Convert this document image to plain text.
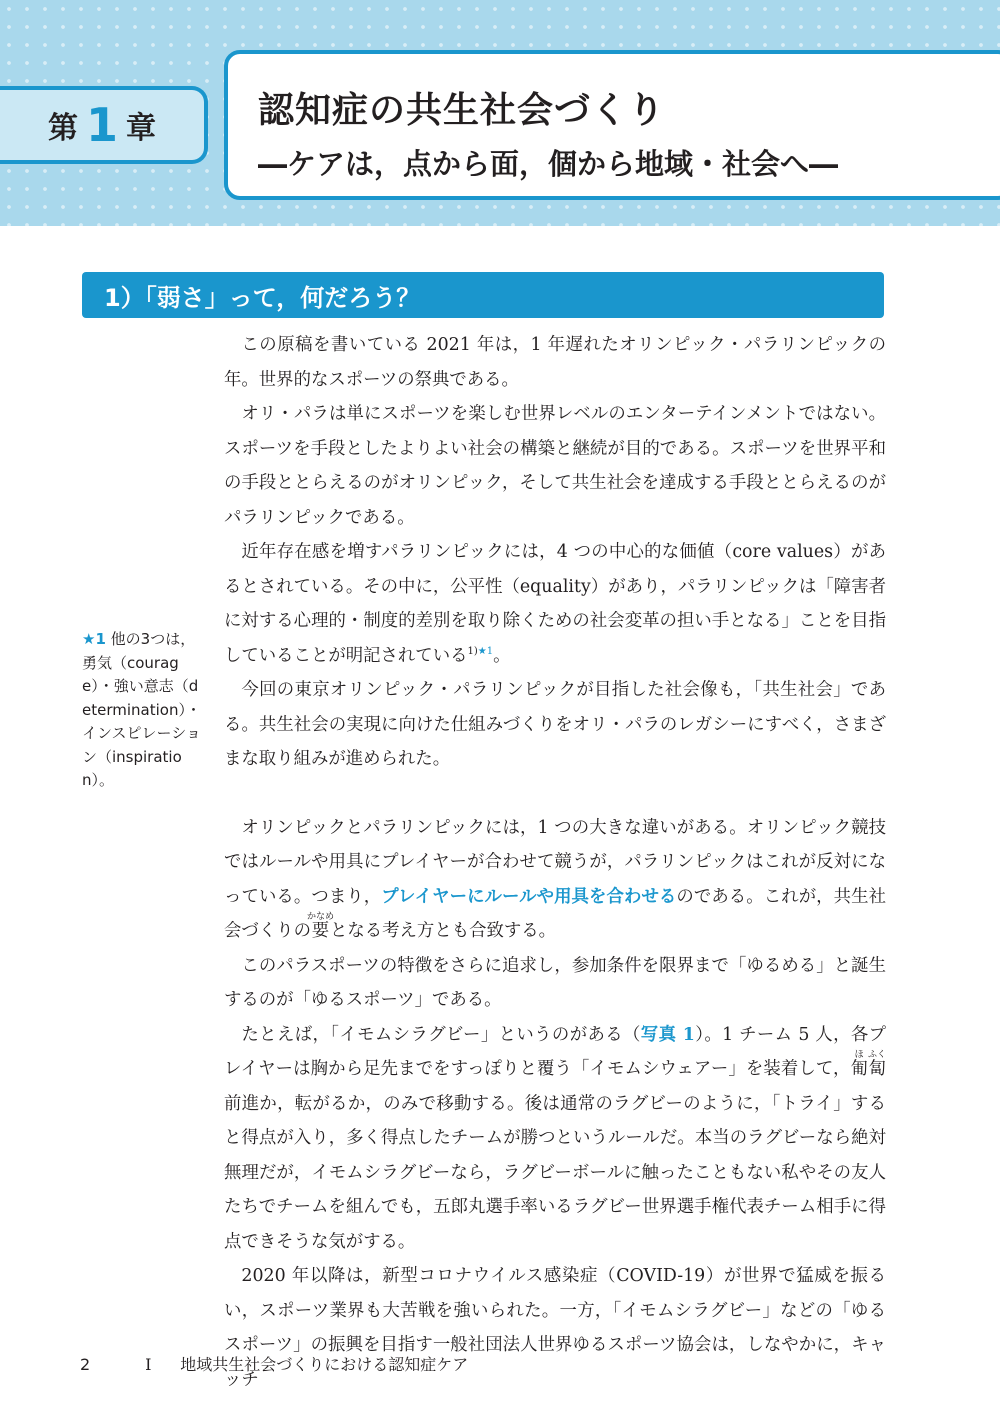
第 1 章	認知症の共生社会づくり
―ケアは，点から面，個から地域・社会へ―
1）「弱さ」って，何だろう？
★1 他の3つは，勇気（courage）・強い意志（determination）・インスピレーション（inspiration）。

この原稿を書いている 2021 年は，1 年遅れたオリンピック・パラリンピックの年。世界的なスポーツの祭典である。

オリ・パラは単にスポーツを楽しむ世界レベルのエンターテインメントではない。スポーツを手段としたよりよい社会の構築と継続が目的である。スポーツを世界平和の手段ととらえるのがオリンピック，そして共生社会を達成する手段ととらえるのがパラリンピックである。

近年存在感を増すパラリンピックには，4 つの中心的な価値（core values）があるとされている。その中に，公平性（equality）があり，パラリンピックは「障害者に対する心理的・制度的差別を取り除くための社会変革の担い手となる」ことを目指していることが明記されている$^{1)★1}$。

今回の東京オリンピック・パラリンピックが目指した社会像も，「共生社会」である。共生社会の実現に向けた仕組みづくりをオリ・パラのレガシーにすべく，さまざまな取り組みが進められた。

オリンピックとパラリンピックには，1 つの大きな違いがある。オリンピック競技ではルールや用具にプレイヤーが合わせて競うが，パラリンピックはこれが反対になっている。つまり，プレイヤーにルールや用具を合わせるのである。これが，共生社会づくりの要かなめとなる考え方とも合致する。

このパラスポーツの特徴をさらに追求し，参加条件を限界まで「ゆるめる」と誕生するのが「ゆるスポーツ」である。

たとえば，「イモムシラグビー」というのがある（写真 1）。1 チーム 5 人，各プレイヤーは胸から足先までをすっぽりと覆う「イモムシウェアー」を装着して，匍ほ匐ふく前進か，転がるか，のみで移動する。後は通常のラグビーのように，「トライ」すると得点が入り，多く得点したチームが勝つというルールだ。本当のラグビーなら絶対無理だが，イモムシラグビーなら，ラグビーボールに触ったこともない私やその友人たちでチームを組んでも，五郎丸選手率いるラグビー世界選手権代表チーム相手に得点できそうな気がする。

2020 年以降は，新型コロナウイルス感染症（COVID-19）が世界で猛威を振るい，スポーツ業界も大苦戦を強いられた。一方，「イモムシラグビー」などの「ゆるスポーツ」の振興を目指す一般社団法人世界ゆるスポーツ協会は，しなやかに，キャッチ

2	I 地域共生社会づくりにおける認知症ケア
